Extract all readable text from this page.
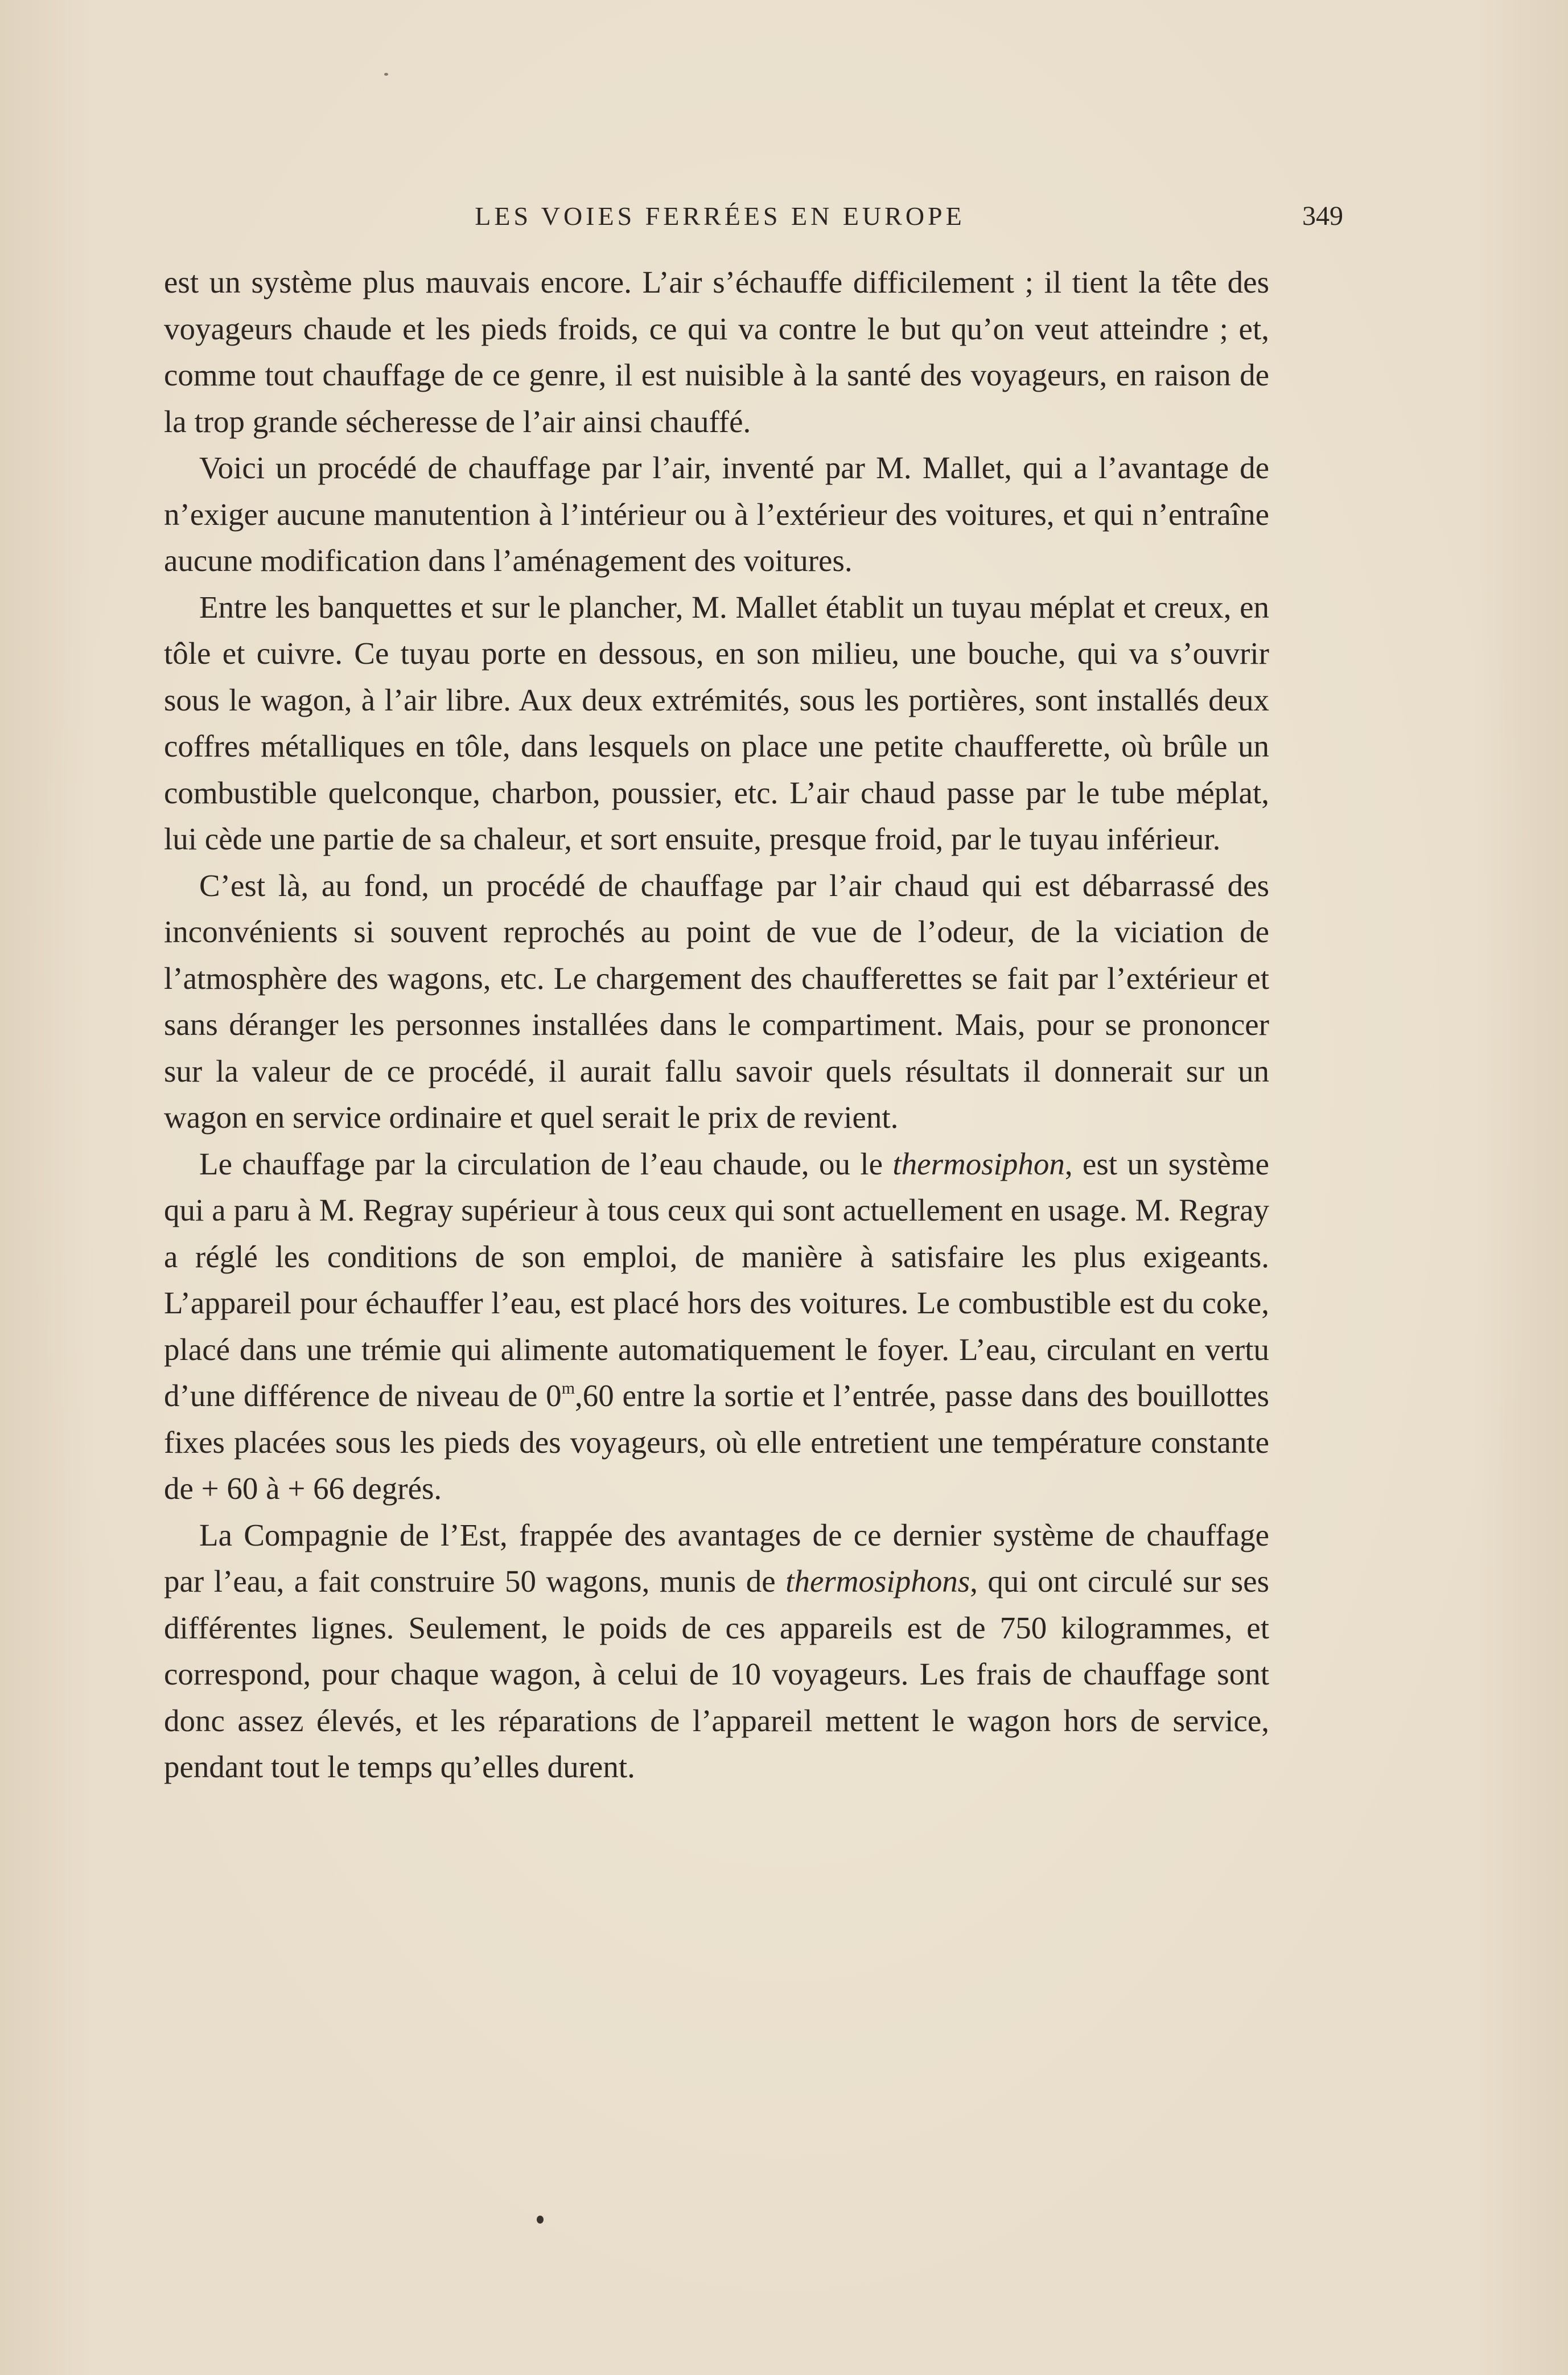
LES VOIES FERRÉES EN EUROPE	349

est un système plus mauvais encore. L’air s’échauffe difficilement ; il tient la tête des voyageurs chaude et les pieds froids, ce qui va contre le but qu’on veut atteindre ; et, comme tout chauffage de ce genre, il est nuisible à la santé des voyageurs, en raison de la trop grande sécheresse de l’air ainsi chauffé.

Voici un procédé de chauffage par l’air, inventé par M. Mallet, qui a l’avantage de n’exiger aucune manutention à l’intérieur ou à l’extérieur des voitures, et qui n’entraîne aucune modification dans l’aménagement des voitures.

Entre les banquettes et sur le plancher, M. Mallet établit un tuyau méplat et creux, en tôle et cuivre. Ce tuyau porte en dessous, en son milieu, une bouche, qui va s’ouvrir sous le wagon, à l’air libre. Aux deux extrémités, sous les portières, sont installés deux coffres métalliques en tôle, dans lesquels on place une petite chaufferette, où brûle un combustible quelconque, charbon, poussier, etc. L’air chaud passe par le tube méplat, lui cède une partie de sa chaleur, et sort ensuite, presque froid, par le tuyau inférieur.

C’est là, au fond, un procédé de chauffage par l’air chaud qui est débarrassé des inconvénients si souvent reprochés au point de vue de l’odeur, de la viciation de l’atmosphère des wagons, etc. Le chargement des chaufferettes se fait par l’extérieur et sans déranger les personnes installées dans le compartiment. Mais, pour se prononcer sur la valeur de ce procédé, il aurait fallu savoir quels résultats il donnerait sur un wagon en service ordinaire et quel serait le prix de revient.

Le chauffage par la circulation de l’eau chaude, ou le thermosiphon, est un système qui a paru à M. Regray supérieur à tous ceux qui sont actuellement en usage. M. Regray a réglé les conditions de son emploi, de manière à satisfaire les plus exigeants. L’appareil pour échauffer l’eau, est placé hors des voitures. Le combustible est du coke, placé dans une trémie qui alimente automatiquement le foyer. L’eau, circulant en vertu d’une différence de niveau de 0$^m$,60 entre la sortie et l’entrée, passe dans des bouillottes fixes placées sous les pieds des voyageurs, où elle entretient une température constante de + 60 à + 66 degrés.

La Compagnie de l’Est, frappée des avantages de ce dernier système de chauffage par l’eau, a fait construire 50 wagons, munis de thermosiphons, qui ont circulé sur ses différentes lignes. Seulement, le poids de ces appareils est de 750 kilogrammes, et correspond, pour chaque wagon, à celui de 10 voyageurs. Les frais de chauffage sont donc assez élevés, et les réparations de l’appareil mettent le wagon hors de service, pendant tout le temps qu’elles durent.
